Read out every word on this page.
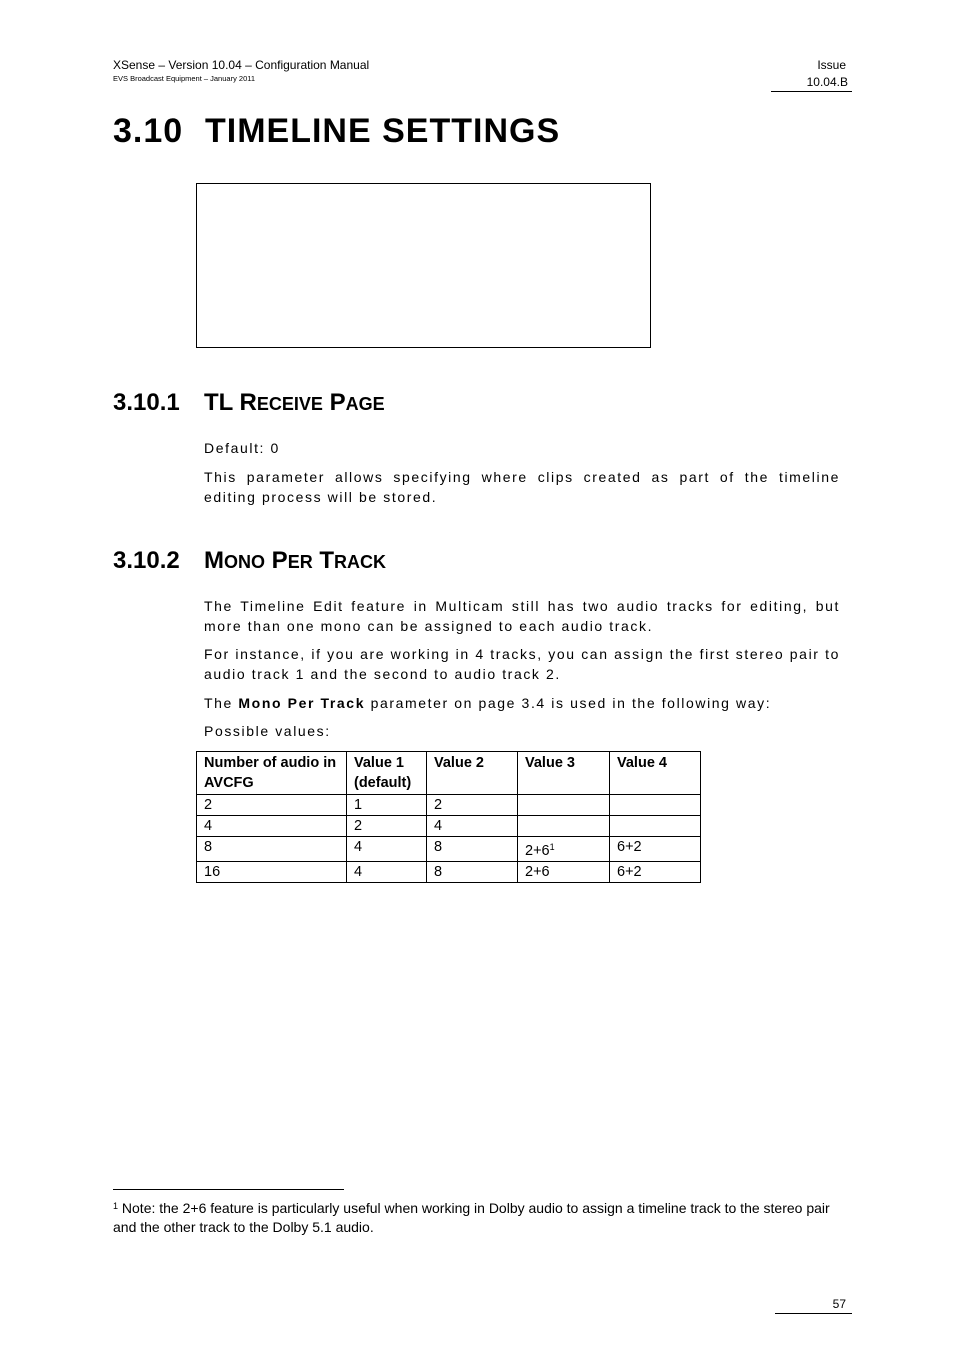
XSense – Version 10.04 – Configuration Manual
EVS Broadcast Equipment – January 2011
Issue
10.04.B
3.10 TIMELINE SETTINGS
3.10.1 TL RECEIVE PAGE

Default: 0

This parameter allows specifying where clips created as part of the timeline editing process will be stored.

3.10.2 MONO PER TRACK

The Timeline Edit feature in Multicam still has two audio tracks for editing, but more than one mono can be assigned to each audio track.

For instance, if you are working in 4 tracks, you can assign the first stereo pair to audio track 1 and the second to audio track 2.

The Mono Per Track parameter on page 3.4 is used in the following way:

Possible values:

Number of audio in AVCFG	Value 1 (default)	Value 2	Value 3	Value 4
2	1	2		
4	2	4		
8	4	8	2+6$^1$	6+2
16	4	8	2+6	6+2
$^1$ Note: the 2+6 feature is particularly useful when working in Dolby audio to assign a timeline track to the stereo pair and the other track to the Dolby 5.1 audio.
57
